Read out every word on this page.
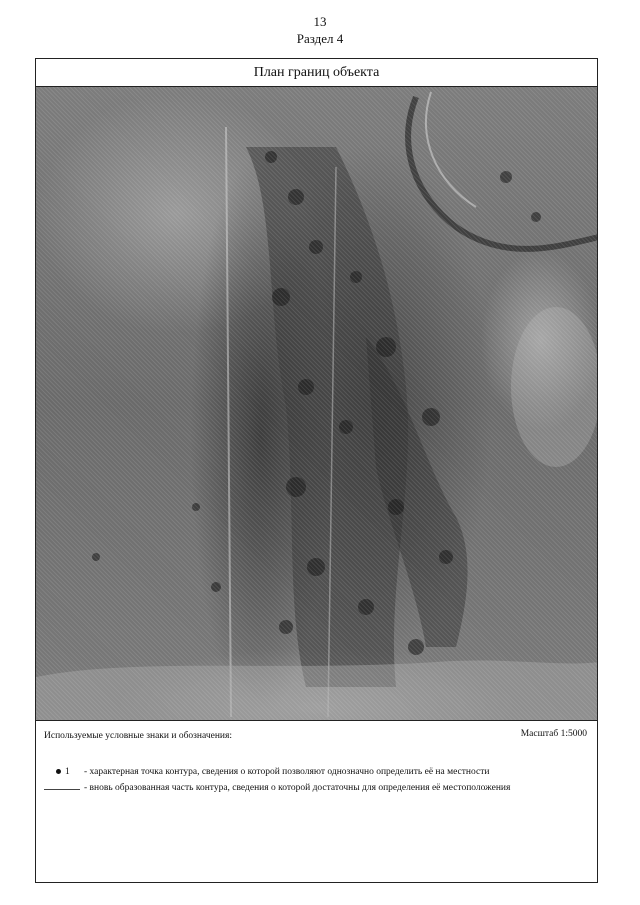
13
Раздел 4
План границ объекта
Используемые условные знаки и обозначения:	Масштаб 1:5000
1 - характерная точка контура, сведения о которой позволяют однозначно определить её на местности
- вновь образованная часть контура, сведения о которой достаточны для определения её местоположения
